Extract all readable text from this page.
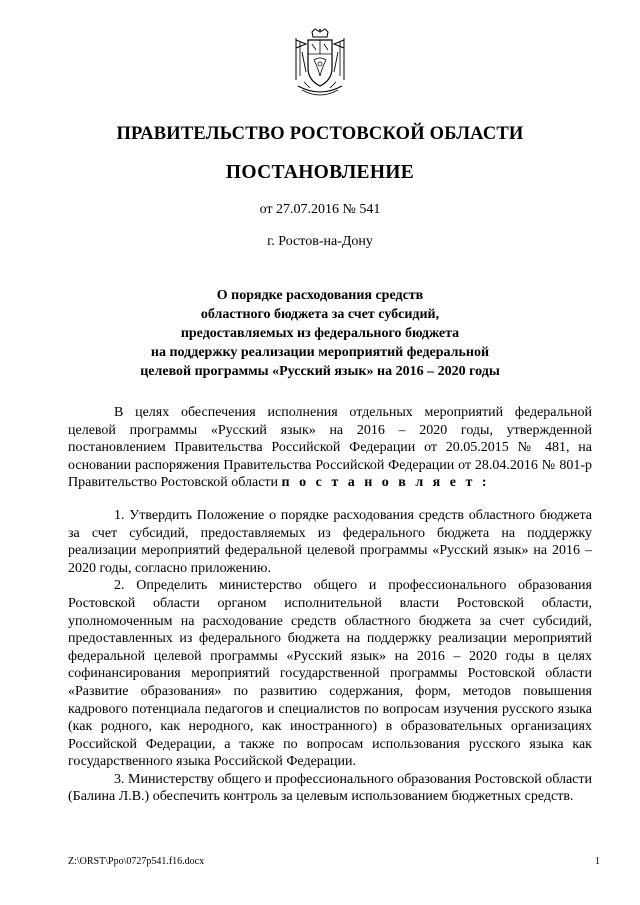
ПРАВИТЕЛЬСТВО РОСТОВСКОЙ ОБЛАСТИ
ПОСТАНОВЛЕНИЕ
от 27.07.2016 № 541
г. Ростов-на-Дону
О порядке расходования средств
областного бюджета за счет субсидий,
предоставляемых из федерального бюджета
на поддержку реализации мероприятий федеральной
целевой программы «Русский язык» на 2016 – 2020 годы

В целях обеспечения исполнения отдельных мероприятий федеральной целевой программы «Русский язык» на 2016 – 2020 годы, утвержденной постановлением Правительства Российской Федерации от 20.05.2015 № 481, на основании распоряжения Правительства Российской Федерации от 28.04.2016 № 801-р Правительство Ростовской области п о с т а н о в л я е т :

1. Утвердить Положение о порядке расходования средств областного бюджета за счет субсидий, предоставляемых из федерального бюджета на поддержку реализации мероприятий федеральной целевой программы «Русский язык» на 2016 – 2020 годы, согласно приложению.

2. Определить министерство общего и профессионального образования Ростовской области органом исполнительной власти Ростовской области, уполномоченным на расходование средств областного бюджета за счет субсидий, предоставленных из федерального бюджета на поддержку реализации мероприятий федеральной целевой программы «Русский язык» на 2016 – 2020 годы в целях софинансирования мероприятий государственной программы Ростовской области «Развитие образования» по развитию содержания, форм, методов повышения кадрового потенциала педагогов и специалистов по вопросам изучения русского языка (как родного, как неродного, как иностранного) в образовательных организациях Российской Федерации, а также по вопросам использования русского языка как государственного языка Российской Федерации.

3. Министерству общего и профессионального образования Ростовской области (Балина Л.В.) обеспечить контроль за целевым использованием бюджетных средств.

Z:\ORST\Ppo\0727p541.f16.docx	1
